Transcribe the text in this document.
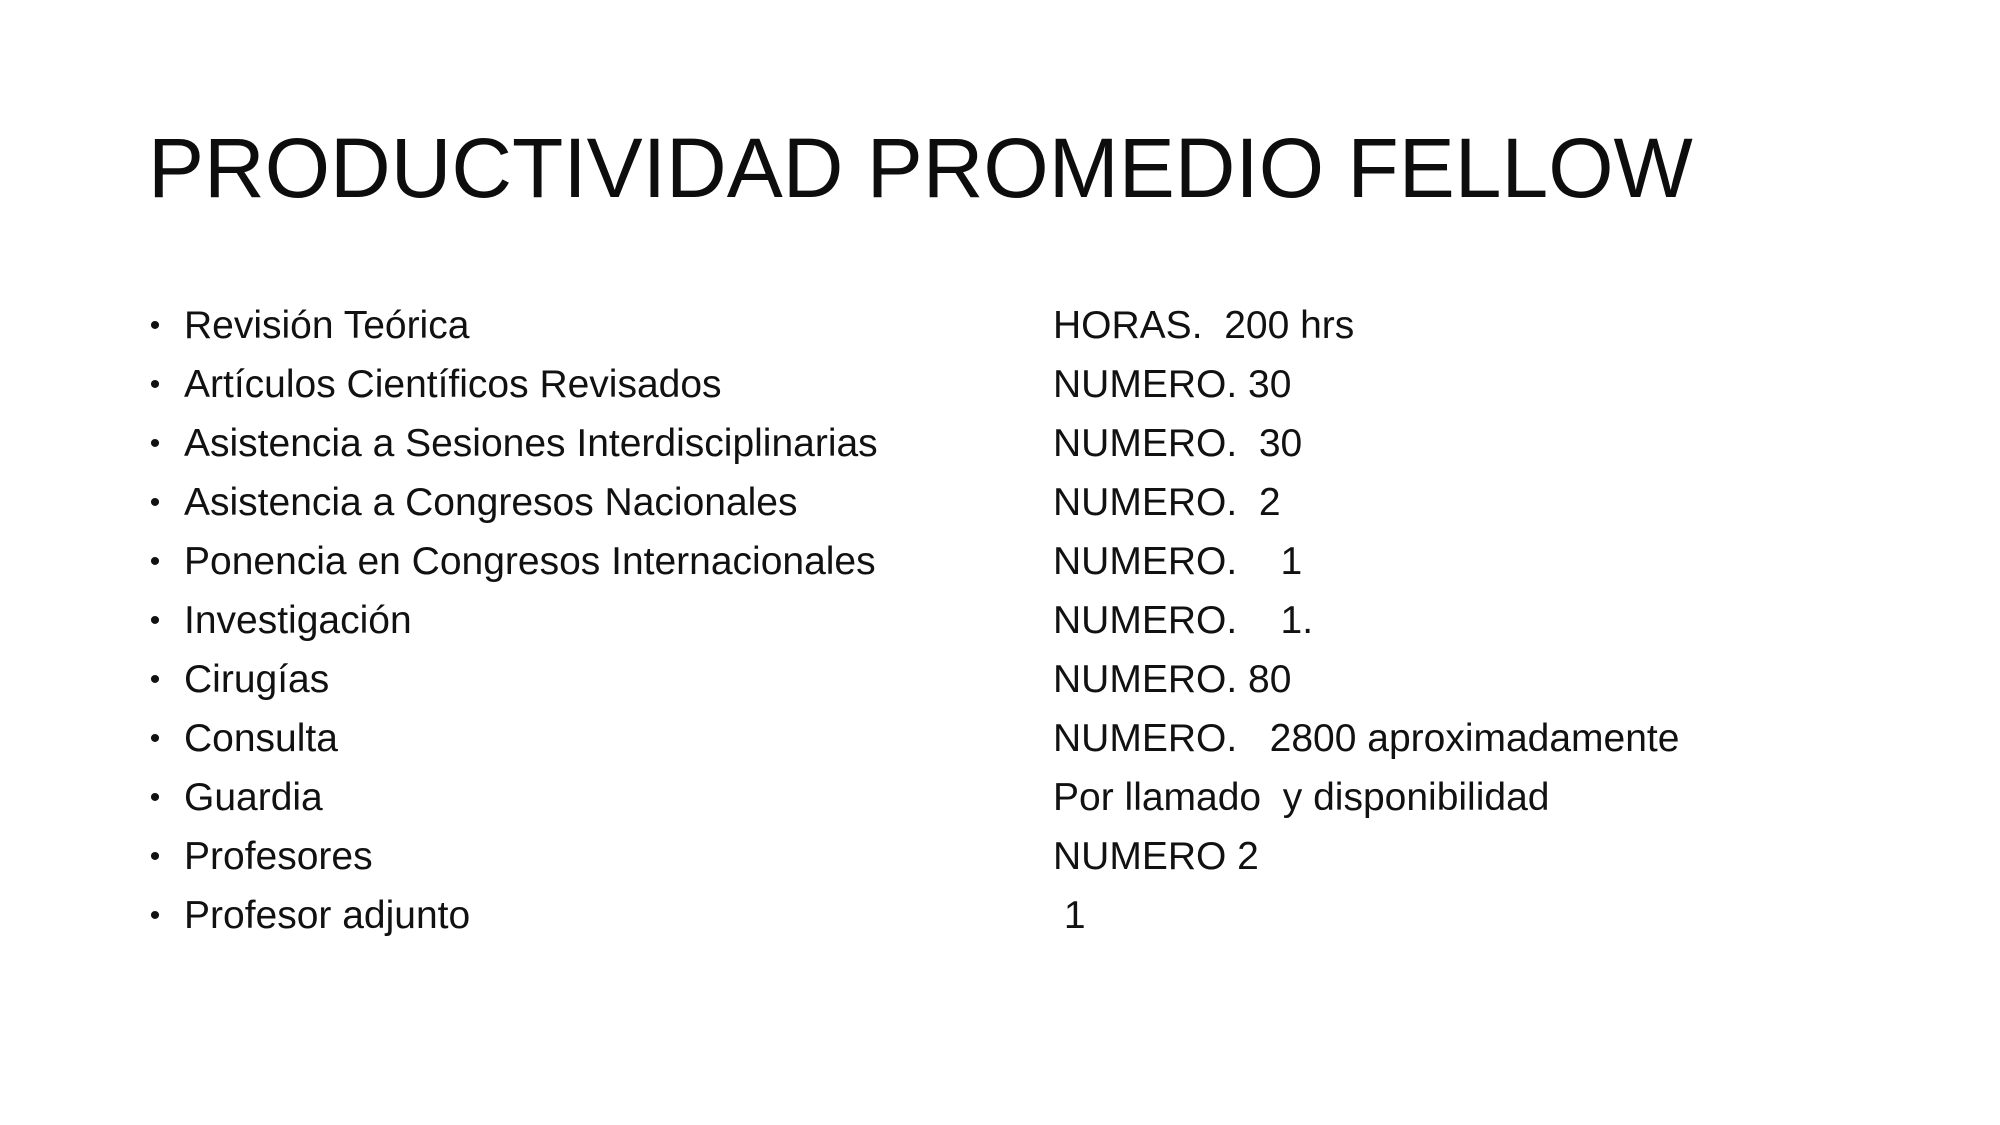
PRODUCTIVIDAD PROMEDIO FELLOW
• Revisión Teórica	HORAS.  200 hrs
• Artículos Científicos Revisados	NUMERO. 30
• Asistencia a Sesiones Interdisciplinarias	NUMERO.  30
• Asistencia a Congresos Nacionales	NUMERO.  2
• Ponencia en Congresos Internacionales	NUMERO.    1
• Investigación	NUMERO.    1.
• Cirugías	NUMERO. 80
• Consulta	NUMERO.   2800 aproximadamente
• Guardia	Por llamado  y disponibilidad
• Profesores	NUMERO 2
• Profesor adjunto	1
